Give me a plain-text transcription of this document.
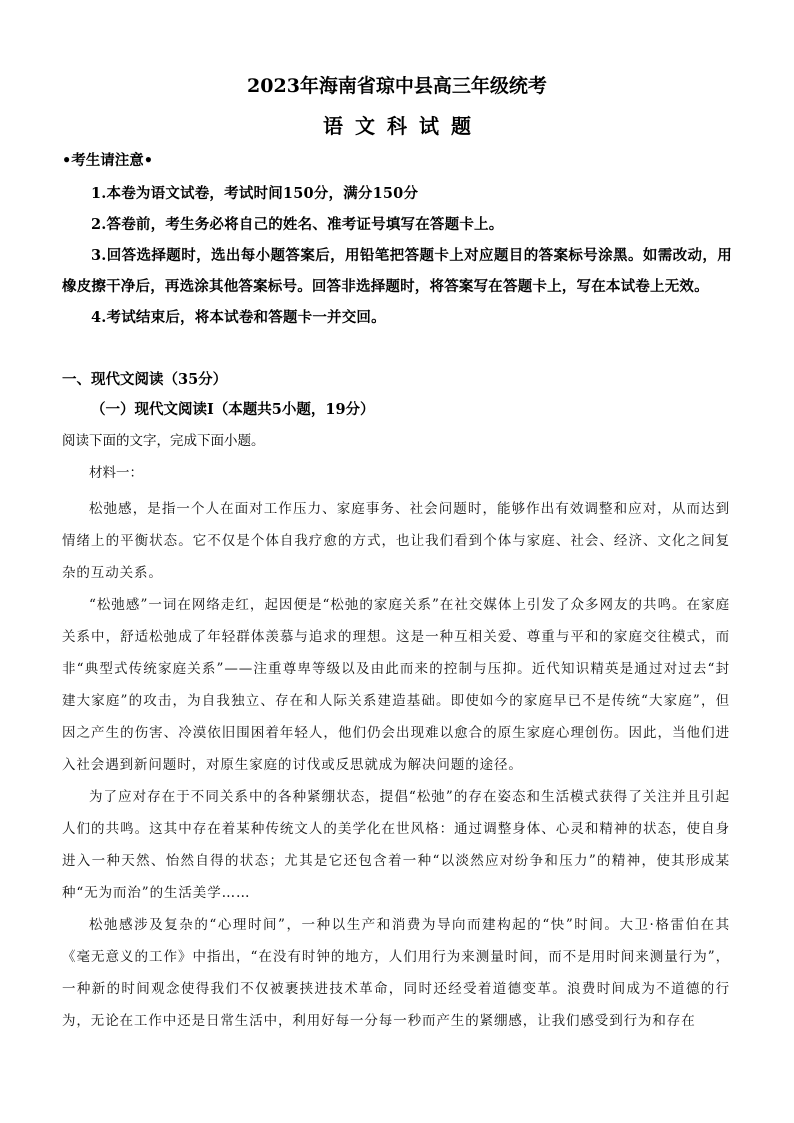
2023年海南省琼中县高三年级统考
语文科试题
•考生请注意•

1.本卷为语文试卷，考试时间150分，满分150分

2.答卷前，考生务必将自己的姓名、准考证号填写在答题卡上。

3.回答选择题时，选出每小题答案后，用铅笔把答题卡上对应题目的答案标号涂黑。如需改动，用橡皮擦干净后，再选涂其他答案标号。回答非选择题时，将答案写在答题卡上，写在本试卷上无效。

4.考试结束后，将本试卷和答题卡一并交回。

一、现代文阅读（35分）
（一）现代文阅读Ⅰ（本题共5小题，19分）
阅读下面的文字，完成下面小题。

材料一：

松弛感，是指一个人在面对工作压力、家庭事务、社会问题时，能够作出有效调整和应对，从而达到情绪上的平衡状态。它不仅是个体自我疗愈的方式，也让我们看到个体与家庭、社会、经济、文化之间复杂的互动关系。

“松弛感”一词在网络走红，起因便是“松弛的家庭关系”在社交媒体上引发了众多网友的共鸣。在家庭关系中，舒适松弛成了年轻群体羡慕与追求的理想。这是一种互相关爱、尊重与平和的家庭交往模式，而非“典型式传统家庭关系”——注重尊卑等级以及由此而来的控制与压抑。近代知识精英是通过对过去“封建大家庭”的攻击，为自我独立、存在和人际关系建造基础。即使如今的家庭早已不是传统“大家庭”，但因之产生的伤害、冷漠依旧围困着年轻人，他们仍会出现难以愈合的原生家庭心理创伤。因此，当他们进入社会遇到新问题时，对原生家庭的讨伐或反思就成为解决问题的途径。

为了应对存在于不同关系中的各种紧绷状态，提倡“松弛”的存在姿态和生活模式获得了关注并且引起人们的共鸣。这其中存在着某种传统文人的美学化在世风格：通过调整身体、心灵和精神的状态，使自身进入一种天然、怡然自得的状态；尤其是它还包含着一种“以淡然应对纷争和压力”的精神，使其形成某种“无为而治”的生活美学……

松弛感涉及复杂的“心理时间”，一种以生产和消费为导向而建构起的“快”时间。大卫·格雷伯在其《毫无意义的工作》中指出，“在没有时钟的地方，人们用行为来测量时间，而不是用时间来测量行为”，一种新的时间观念使得我们不仅被裹挟进技术革命，同时还经受着道德变革。浪费时间成为不道德的行为，无论在工作中还是日常生活中，利用好每一分每一秒而产生的紧绷感，让我们感受到行为和存在
